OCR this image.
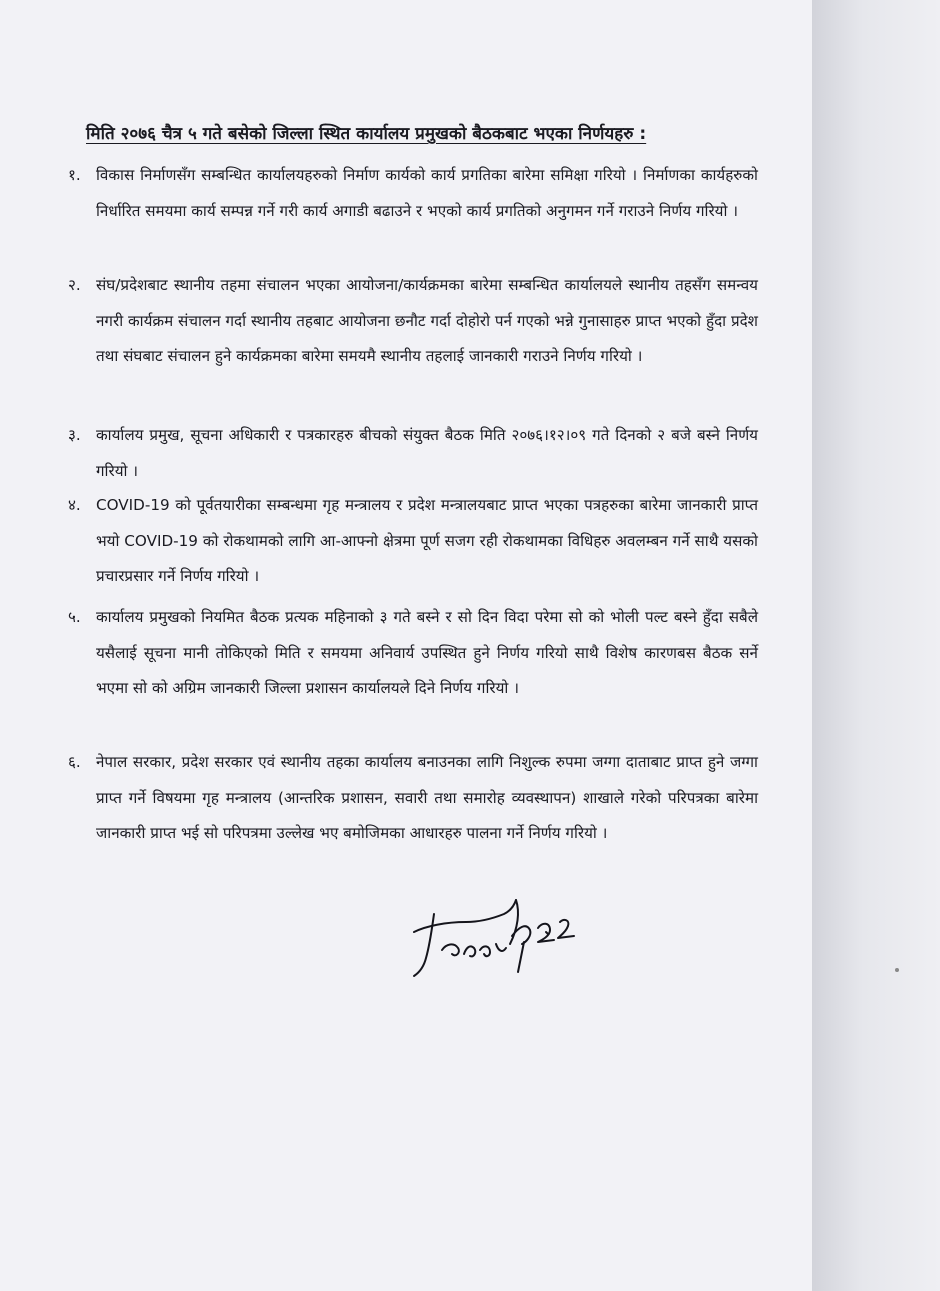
मिति २०७६ चैत्र ५ गते बसेको जिल्ला स्थित कार्यालय प्रमुखको बैठकबाट भएका निर्णयहरु :
१.	विकास निर्माणसँग सम्बन्धित कार्यालयहरुको निर्माण कार्यको कार्य प्रगतिका बारेमा समिक्षा गरियो । निर्माणका कार्यहरुको निर्धारित समयमा कार्य सम्पन्न गर्ने गरी कार्य अगाडी बढाउने र भएको कार्य प्रगतिको अनुगमन गर्ने गराउने निर्णय गरियो ।
२.	संघ/प्रदेशबाट स्थानीय तहमा संचालन भएका आयोजना/कार्यक्रमका बारेमा सम्बन्धित कार्यालयले स्थानीय तहसँग समन्वय नगरी कार्यक्रम संचालन गर्दा स्थानीय तहबाट आयोजना छनौट गर्दा दोहोरो पर्न गएको भन्ने गुनासाहरु प्राप्त भएको हुँदा प्रदेश तथा संघबाट संचालन हुने कार्यक्रमका बारेमा समयमै स्थानीय तहलाई जानकारी गराउने निर्णय गरियो ।
३.	कार्यालय प्रमुख, सूचना अधिकारी र पत्रकारहरु बीचको संयुक्त बैठक मिति २०७६।१२।०९ गते दिनको २ बजे बस्ने निर्णय गरियो ।
४.	COVID-19 को पूर्वतयारीका सम्बन्धमा गृह मन्त्रालय र प्रदेश मन्त्रालयबाट प्राप्त भएका पत्रहरुका बारेमा जानकारी प्राप्त भयो COVID-19 को रोकथामको लागि आ-आफ्नो क्षेत्रमा पूर्ण सजग रही रोकथामका विधिहरु अवलम्बन गर्ने साथै यसको प्रचारप्रसार गर्ने निर्णय गरियो ।
५.	कार्यालय प्रमुखको नियमित बैठक प्रत्यक महिनाको ३ गते बस्ने र सो दिन विदा परेमा सो को भोली पल्ट बस्ने हुँदा सबैले यसैलाई सूचना मानी तोकिएको मिति र समयमा अनिवार्य उपस्थित हुने निर्णय गरियो साथै विशेष कारणबस बैठक सर्ने भएमा सो को अग्रिम जानकारी जिल्ला प्रशासन कार्यालयले दिने निर्णय गरियो ।
६.	नेपाल सरकार, प्रदेश सरकार एवं स्थानीय तहका कार्यालय बनाउनका लागि निशुल्क रुपमा जग्गा दाताबाट प्राप्त हुने जग्गा प्राप्त गर्ने विषयमा गृह मन्त्रालय (आन्तरिक प्रशासन, सवारी तथा समारोह व्यवस्थापन) शाखाले गरेको परिपत्रका बारेमा जानकारी प्राप्त भई सो परिपत्रमा उल्लेख भए बमोजिमका आधारहरु पालना गर्ने निर्णय गरियो ।
